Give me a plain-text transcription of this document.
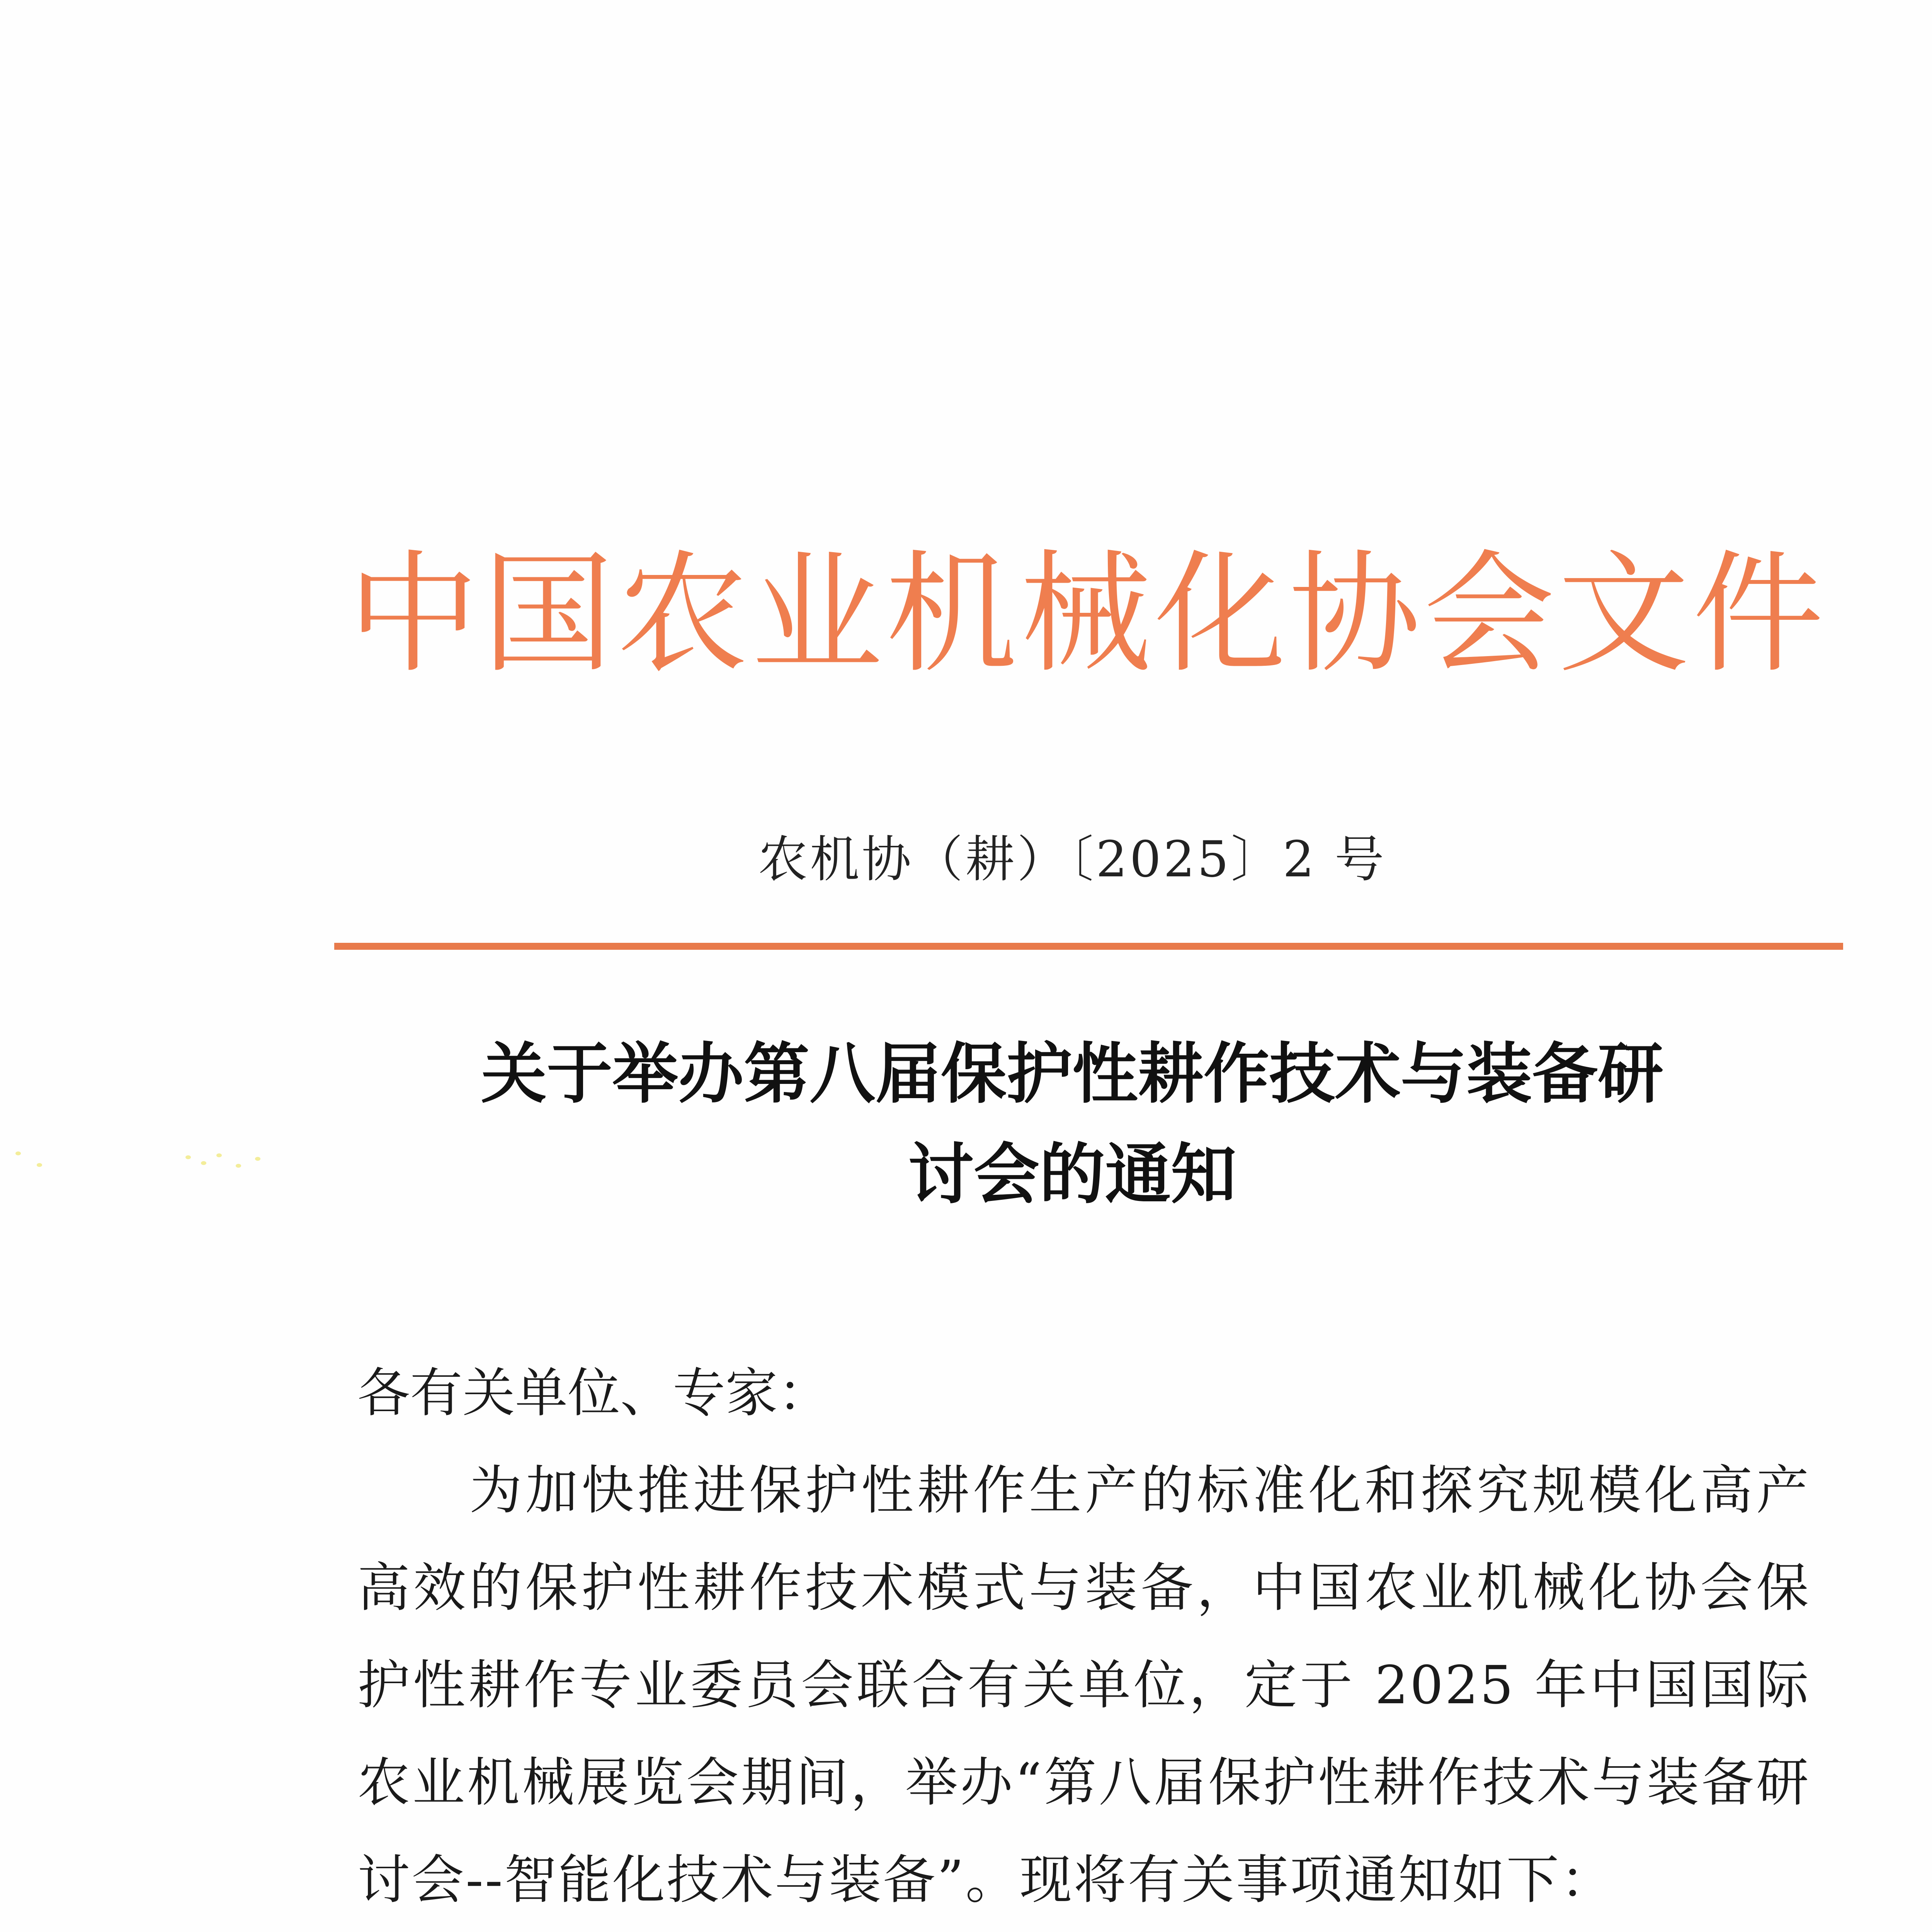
中国农业机械化协会文件
农机协（耕）〔2025〕2 号
关于举办第八届保护性耕作技术与装备研
讨会的通知
各有关单位、专家：
为加快推进保护性耕作生产的标准化和探究规模化高产高效的保护性耕作技术模式与装备，中国农业机械化协会保护性耕作专业委员会联合有关单位，定于 2025 年中国国际农业机械展览会期间，举办“第八届保护性耕作技术与装备研讨会--智能化技术与装备”。现将有关事项通知如下：
